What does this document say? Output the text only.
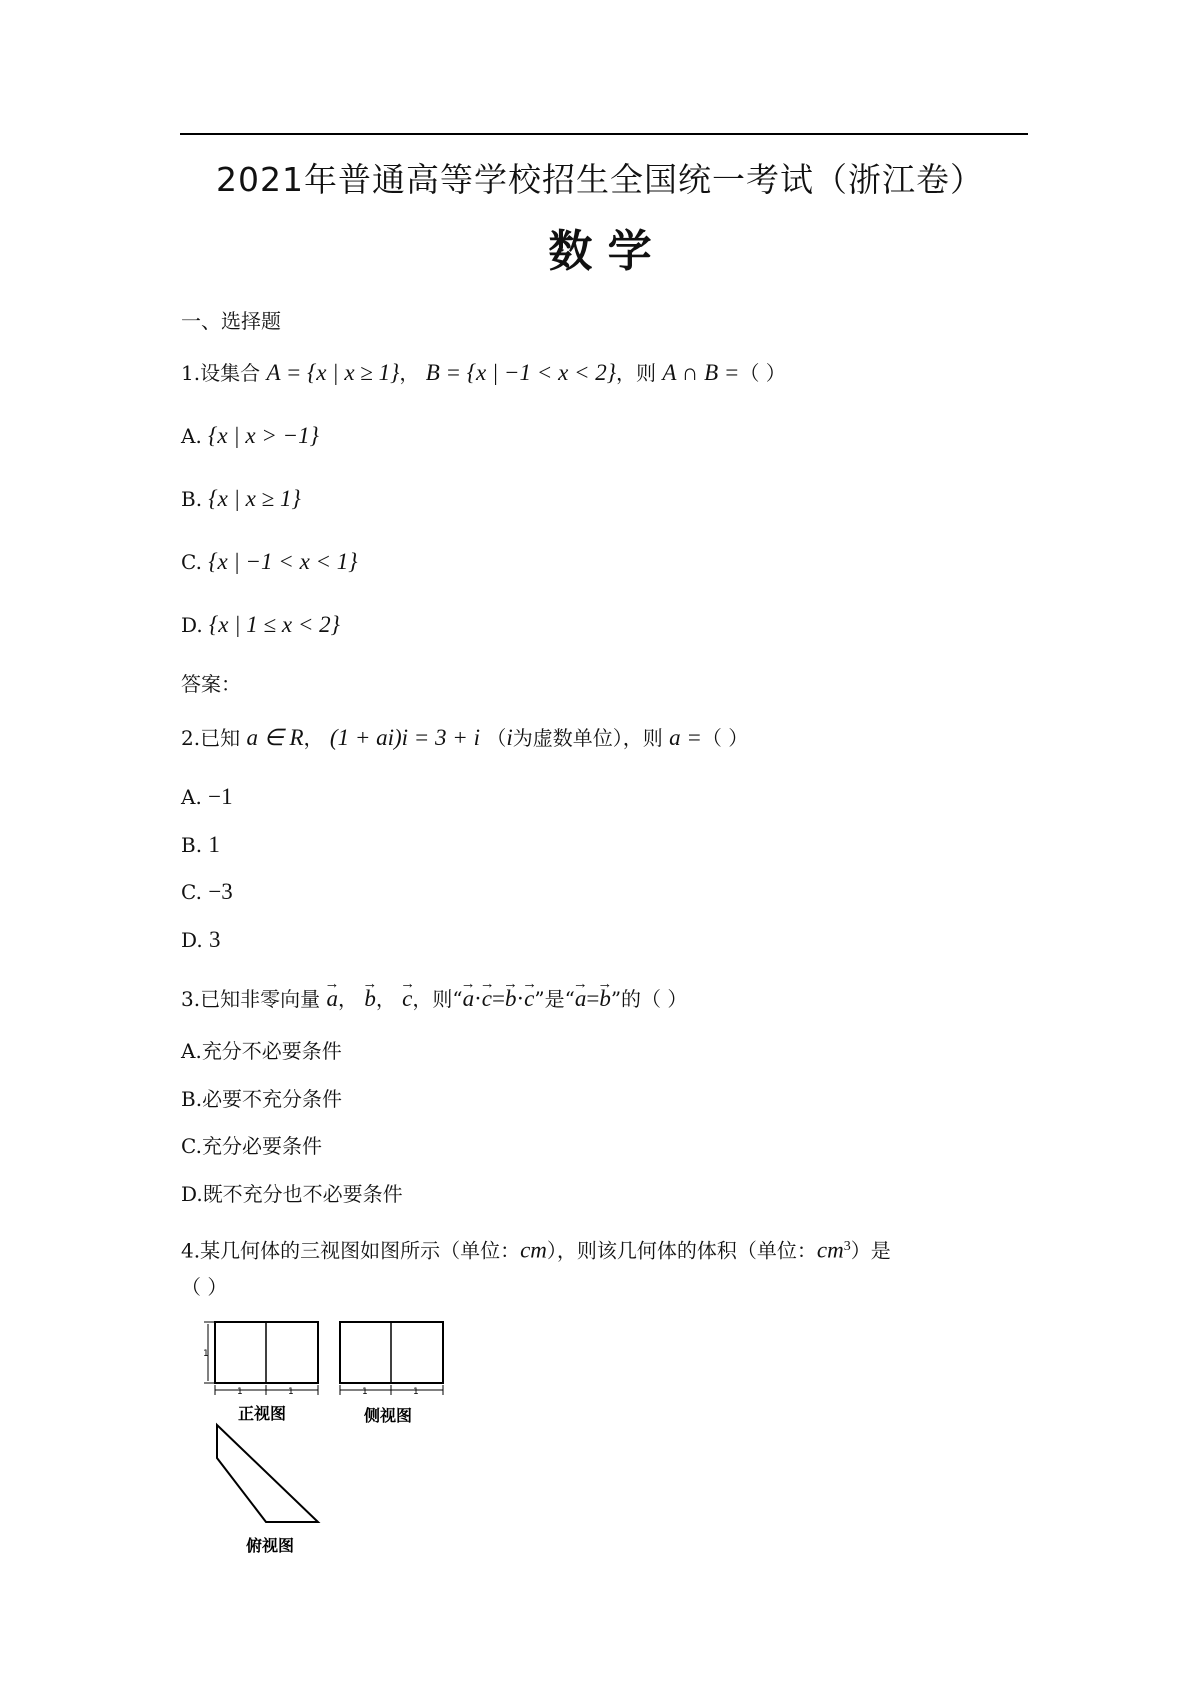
2021年普通高等学校招生全国统一考试（浙江卷）
数 学
一、选择题
1.设集合 A = {x | x ≥ 1}， B = {x | −1 < x < 2}，则 A ∩ B =（ ）
A. {x | x > −1}
B. {x | x ≥ 1}
C. {x | −1 < x < 1}
D. {x | 1 ≤ x < 2}
答案：
2.已知 a ∈ R， (1 + ai)i = 3 + i （i为虚数单位），则 a =（ ）
A. −1
B. 1
C. −3
D. 3
3.已知非零向量 → a， → b， → c，则“→ a·→ c=→ b·→ c”是“→ a=→ b”的（ ）
A.充分不必要条件
B.必要不充分条件
C.充分必要条件
D.既不充分也不必要条件
4.某几何体的三视图如图所示（单位：cm），则该几何体的体积（单位：$cm^3$）是
（ ）
1
1	1
正视图
1	1
侧视图
俯视图
